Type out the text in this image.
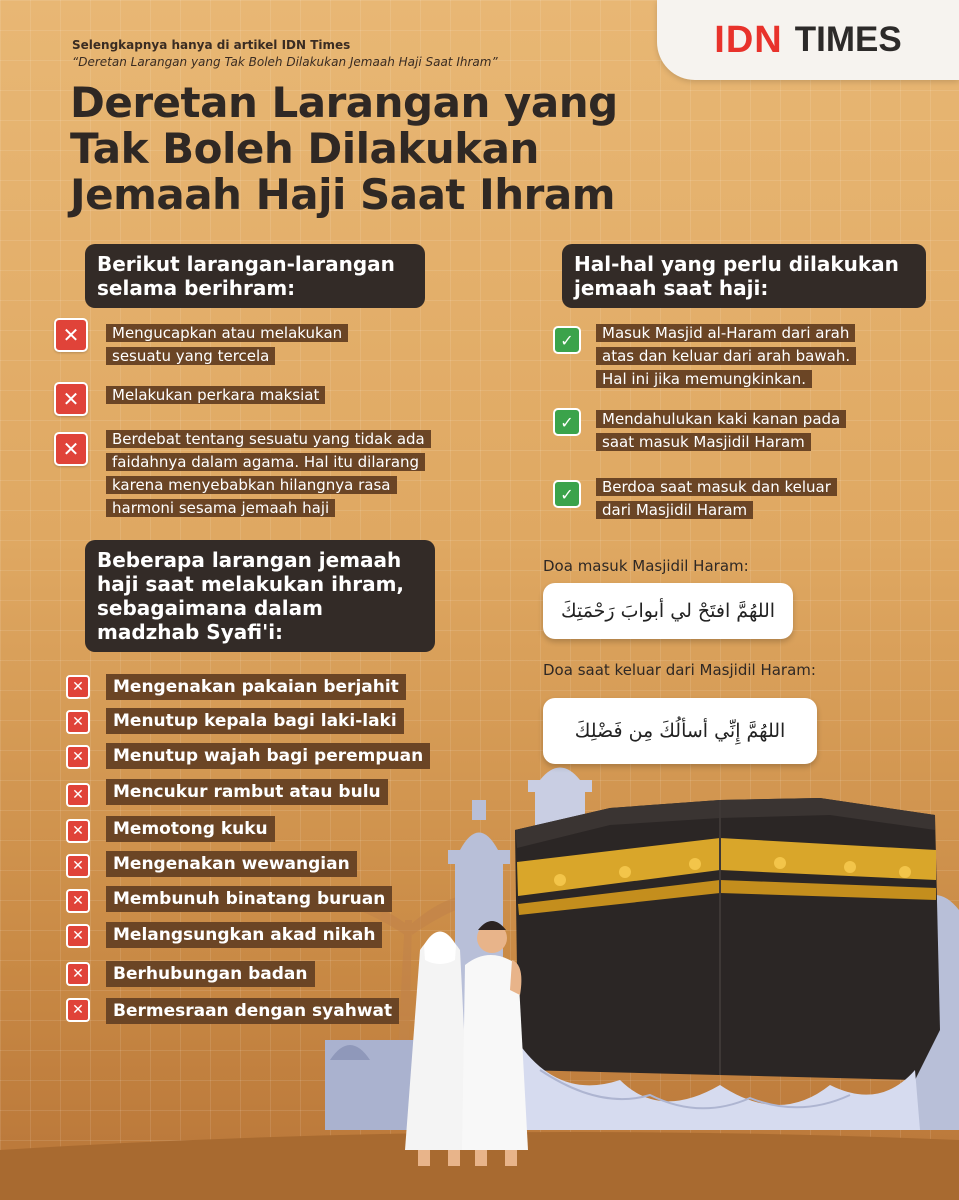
IDN TIMES
Selengkapnya hanya di artikel IDN Times
“Deretan Larangan yang Tak Boleh Dilakukan Jemaah Haji Saat Ihram”
Deretan Larangan yang
Tak Boleh Dilakukan
Jemaah Haji Saat Ihram
Berikut larangan-larangan
selama berihram:
✕	Mengucapkan atau melakukan
sesuatu yang tercela
✕	Melakukan perkara maksiat
✕	Berdebat tentang sesuatu yang tidak ada
faidahnya dalam agama. Hal itu dilarang
karena menyebabkan hilangnya rasa
harmoni sesama jemaah haji
Hal-hal yang perlu dilakukan
jemaah saat haji:
✓	Masuk Masjid al-Haram dari arah
atas dan keluar dari arah bawah.
Hal ini jika memungkinkan.
✓	Mendahulukan kaki kanan pada
saat masuk Masjidil Haram
✓	Berdoa saat masuk dan keluar
dari Masjidil Haram
Beberapa larangan jemaah
haji saat melakukan ihram,
sebagaimana dalam
madzhab Syafi'i:
✕	Mengenakan pakaian berjahit
✕	Menutup kepala bagi laki-laki
✕	Menutup wajah bagi perempuan
✕	Mencukur rambut atau bulu
✕	Memotong kuku
✕	Mengenakan wewangian
✕	Membunuh binatang buruan
✕	Melangsungkan akad nikah
✕	Berhubungan badan
✕	Bermesraan dengan syahwat
Doa masuk Masjidil Haram:
اللهُمَّ افتَحْ لي أبوابَ رَحْمَتِكَ
Doa saat keluar dari Masjidil Haram:
اللهُمَّ إِنِّي أسألُكَ مِن فَضْلِكَ
